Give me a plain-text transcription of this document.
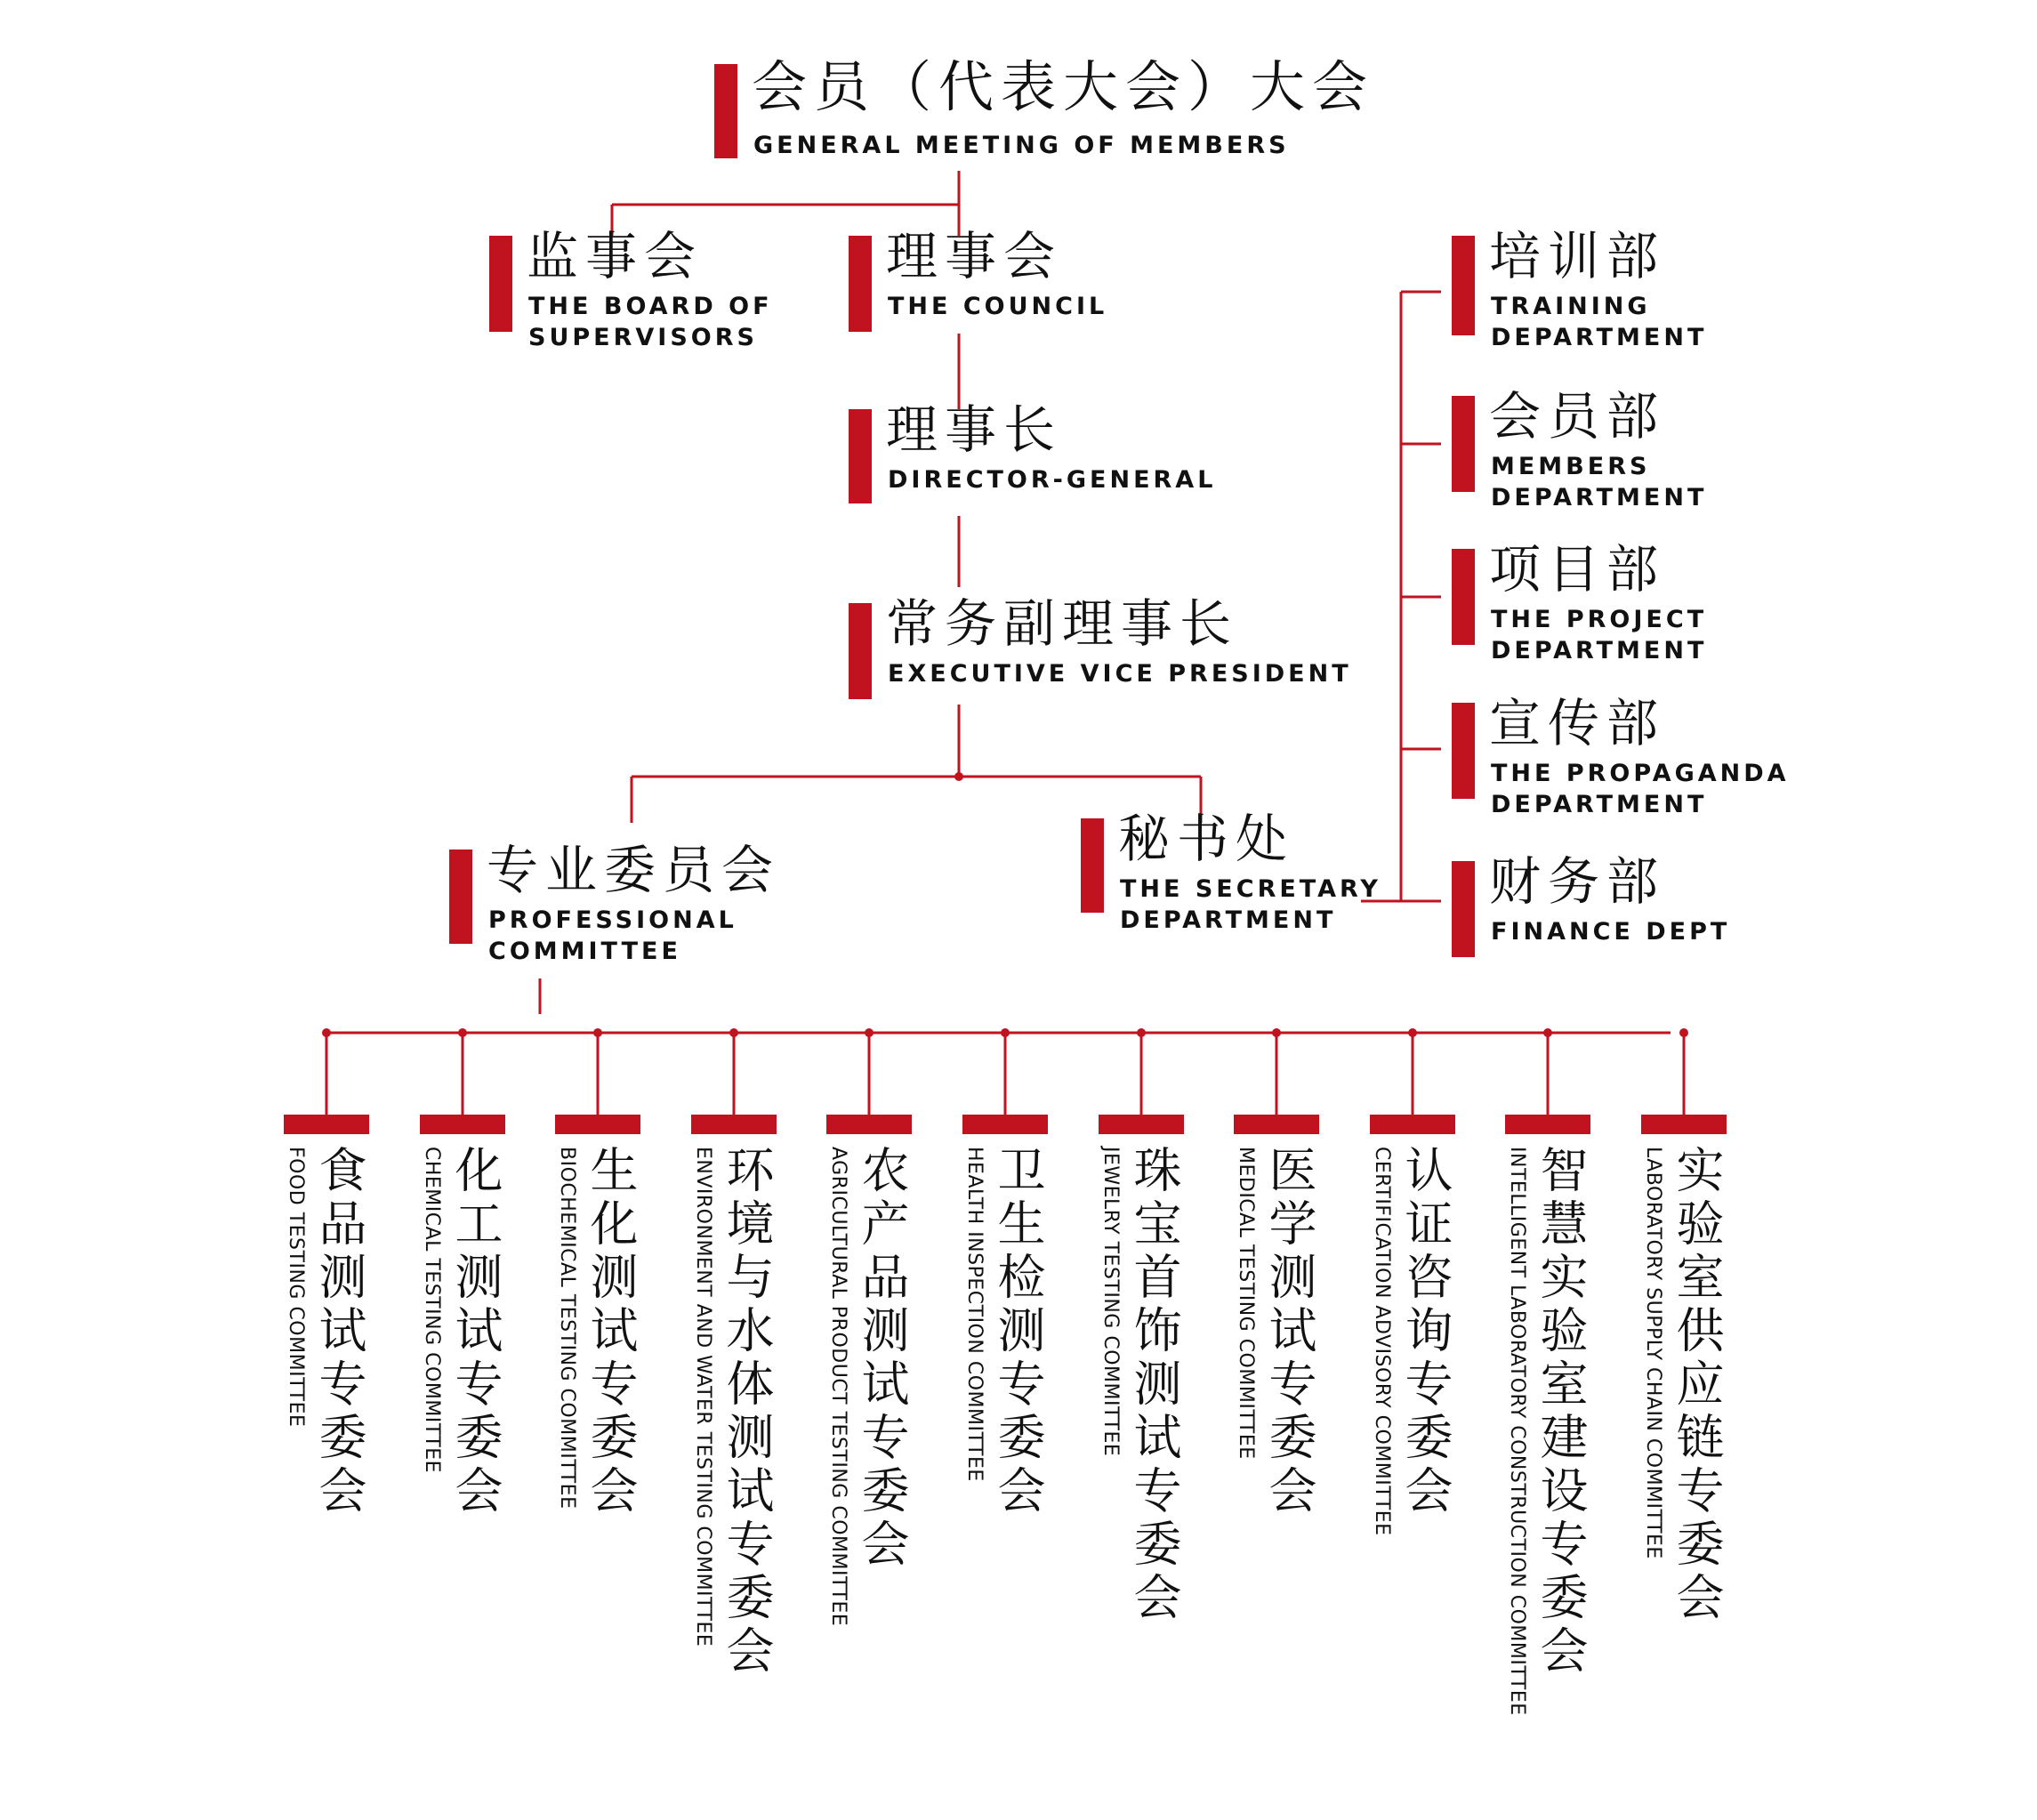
会员（代表大会）大会
GENERAL MEETING OF MEMBERS
监事会
THE BOARD OF
SUPERVISORS
理事会
THE COUNCIL
理事长
DIRECTOR-GENERAL
常务副理事长
EXECUTIVE VICE PRESIDENT
专业委员会
PROFESSIONAL
COMMITTEE
秘书处
THE SECRETARY
DEPARTMENT
培训部
TRAINING
DEPARTMENT
会员部
MEMBERS
DEPARTMENT
项目部
THE PROJECT
DEPARTMENT
宣传部
THE PROPAGANDA
DEPARTMENT
财务部
FINANCE DEPT
食品测试专委会
FOOD TESTING COMMITTEE	化工测试专委会
CHEMICAL TESTING COMMITTEE	生化测试专委会
BIOCHEMICAL TESTING COMMITTEE	环境与水体测试专委会
ENVIRONMENT AND WATER TESTING COMMITTEE	农产品测试专委会
AGRICULTURAL PRODUCT TESTING COMMITTEE	卫生检测专委会
HEALTH INSPECTION COMMITTEE	珠宝首饰测试专委会
JEWELRY TESTING COMMITTEE	医学测试专委会
MEDICAL TESTING COMMITTEE	认证咨询专委会
CERTIFICATION ADVISORY COMMITTEE	智慧实验室建设专委会
INTELLIGENT LABORATORY CONSTRUCTION COMMITTEE	实验室供应链专委会
LABORATORY SUPPLY CHAIN COMMITTEE
